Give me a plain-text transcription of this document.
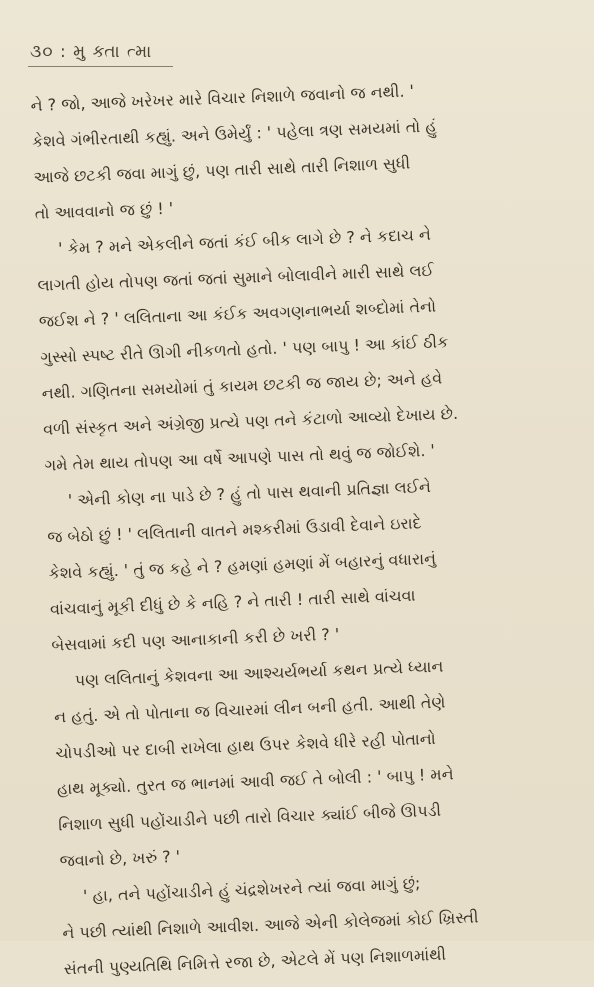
૩૦ : મુ ક્તા ત્મા
ને ? જો, આજે ખરેખર મારે વિચાર નિશાળે જવાનો જ નથી. '
કેશવે ગંભીરતાથી કહ્યું. અને ઉમેર્યું : ' પહેલા ત્રણ સમયમાં તો હું
આજે છટકી જવા માગું છું, પણ તારી સાથે તારી નિશાળ સુધી
તો આવવાનો જ છું ! '
' કેમ ? મને એકલીને જતાં કંઈ બીક લાગે છે ? ને કદાચ ને
લાગતી હોય તોપણ જતાં જતાં સુમાને બોલાવીને મારી સાથે લઈ
જઈશ ને ? ' લલિતાના આ કંઈક અવગણનાભર્યા શબ્દોમાં તેનો
ગુસ્સો સ્પષ્ટ રીતે ઊગી નીકળતો હતો. ' પણ બાપુ ! આ કાંઈ ઠીક
નથી. ગણિતના સમયોમાં તું કાયમ છટકી જ જાય છે; અને હવે
વળી સંસ્કૃત અને અંગ્રેજી પ્રત્યે પણ તને કંટાળો આવ્યો દેખાય છે.
ગમે તેમ થાય તોપણ આ વર્ષે આપણે પાસ તો થવું જ જોઈશે. '
' એની કોણ ના પાડે છે ? હું તો પાસ થવાની પ્રતિજ્ઞા લઈને
જ બેઠો છું ! ' લલિતાની વાતને મશ્કરીમાં ઉડાવી દેવાને ઇરાદે
કેશવે કહ્યું. ' તું જ કહે ને ? હમણાં હમણાં મેં બહારનું વધારાનું
વાંચવાનું મૂકી દીધું છે કે નહિ ? ને તારી ! તારી સાથે વાંચવા
બેસવામાં કદી પણ આનાકાની કરી છે ખરી ? '
પણ લલિતાનું કેશવના આ આશ્ચર્યભર્યા કથન પ્રત્યે ધ્યાન
ન હતું. એ તો પોતાના જ વિચારમાં લીન બની હતી. આથી તેણે
ચોપડીઓ પર દાબી રાખેલા હાથ ઉપર કેશવે ધીરે રહી પોતાનો
હાથ મૂક્યો. તુરત જ ભાનમાં આવી જઈ તે બોલી : ' બાપુ ! મને
નિશાળ સુધી પહોંચાડીને પછી તારો વિચાર ક્યાંઈ બીજે ઊપડી
જવાનો છે, ખરું ? '
' હા, તને પહોંચાડીને હું ચંદ્રશેખરને ત્યાં જવા માગું છું;
ને પછી ત્યાંથી નિશાળે આવીશ. આજે એની કોલેજમાં કોઈ ખ્રિસ્તી
સંતની પુણ્યતિથિ નિમિત્તે રજા છે, એટલે મેં પણ નિશાળમાંથી
